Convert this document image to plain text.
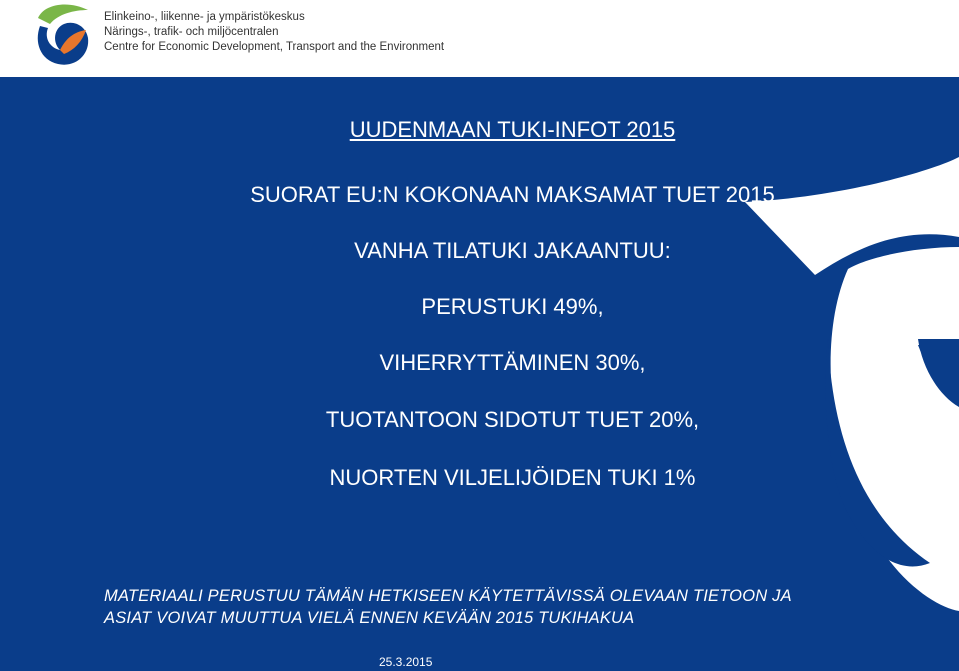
Elinkeino-, liikenne- ja ympäristökeskus
Närings-, trafik- och miljöcentralen
Centre for Economic Development, Transport and the Environment
UUDENMAAN TUKI-INFOT 2015
SUORAT EU:N KOKONAAN MAKSAMAT TUET 2015
VANHA TILATUKI JAKAANTUU:
PERUSTUKI 49%,
VIHERRYTTÄMINEN 30%,
TUOTANTOON SIDOTUT TUET 20%,
NUORTEN VILJELIJÖIDEN TUKI 1%
MATERIAALI PERUSTUU TÄMÄN HETKISEEN KÄYTETTÄVISSÄ OLEVAAN TIETOON JA
ASIAT VOIVAT MUUTTUA VIELÄ ENNEN KEVÄÄN 2015 TUKIHAKUA
25.3.2015
